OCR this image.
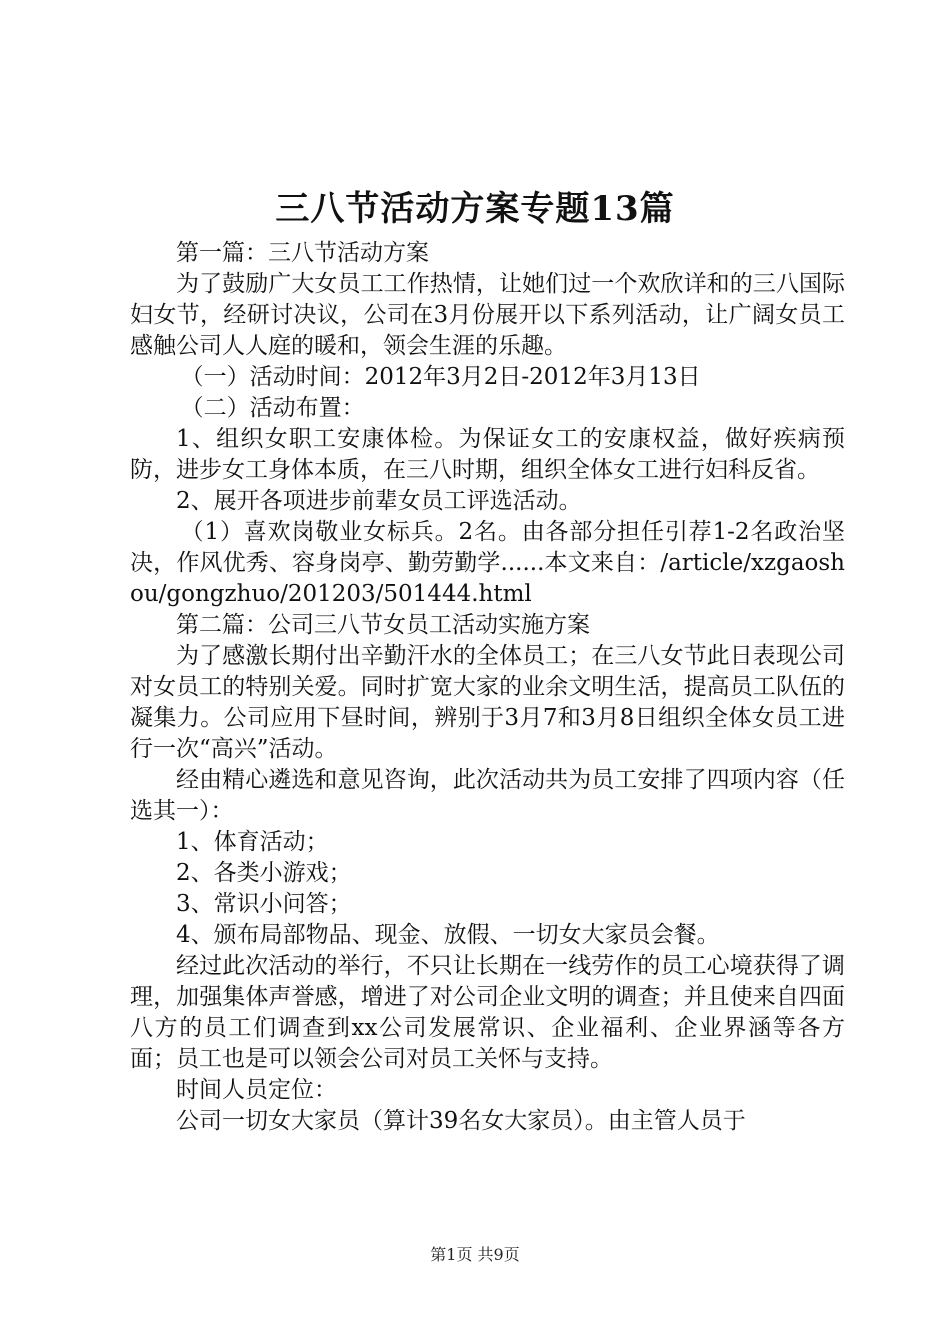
三八节活动方案专题13篇

第一篇：三八节活动方案

为了鼓励广大女员工工作热情，让她们过一个欢欣详和的三八国际妇女节，经研讨决议，公司在3月份展开以下系列活动，让广阔女员工感触公司人人庭的暖和，领会生涯的乐趣。

（一）活动时间：2012年3月2日-2012年3月13日

（二）活动布置：

1、组织女职工安康体检。为保证女工的安康权益，做好疾病预防，进步女工身体本质，在三八时期，组织全体女工进行妇科反省。

2、展开各项进步前辈女员工评选活动。

（1）喜欢岗敬业女标兵。2名。由各部分担任引荐1-2名政治坚决，作风优秀、容身岗亭、勤劳勤学......本文来自：/article/xzgaoshou/gongzhuo/201203/501444.html

第二篇：公司三八节女员工活动实施方案

为了感激长期付出辛勤汗水的全体员工；在三八女节此日表现公司对女员工的特别关爱。同时扩宽大家的业余文明生活，提高员工队伍的凝集力。公司应用下昼时间，辨别于3月7和3月8日组织全体女员工进行一次“高兴”活动。

经由精心遴选和意见咨询，此次活动共为员工安排了四项内容（任选其一）：

1、体育活动；

2、各类小游戏；

3、常识小问答；

4、颁布局部物品、现金、放假、一切女大家员会餐。

经过此次活动的举行，不只让长期在一线劳作的员工心境获得了调理，加强集体声誉感，增进了对公司企业文明的调查；并且使来自四面八方的员工们调查到xx公司发展常识、企业福利、企业界涵等各方面；员工也是可以领会公司对员工关怀与支持。

时间人员定位：

公司一切女大家员（算计39名女大家员）。由主管人员于

第1页 共9页
